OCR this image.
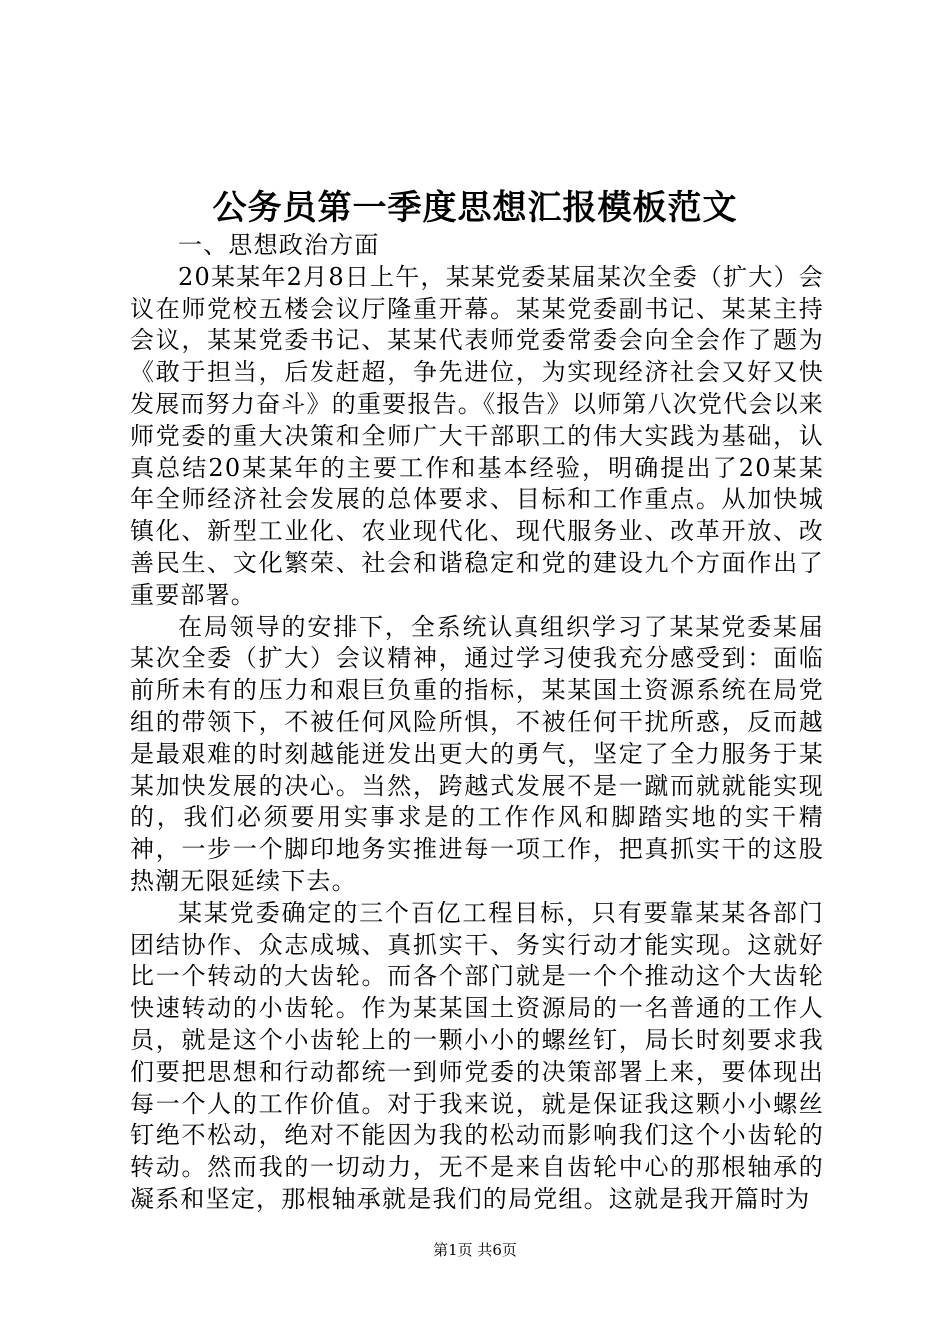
公务员第一季度思想汇报模板范文

一、思想政治方面

20某某年2月8日上午，某某党委某届某次全委（扩大）会议在师党校五楼会议厅隆重开幕。某某党委副书记、某某主持会议，某某党委书记、某某代表师党委常委会向全会作了题为《敢于担当，后发赶超，争先进位，为实现经济社会又好又快发展而努力奋斗》的重要报告。《报告》以师第八次党代会以来师党委的重大决策和全师广大干部职工的伟大实践为基础，认真总结20某某年的主要工作和基本经验，明确提出了20某某年全师经济社会发展的总体要求、目标和工作重点。从加快城镇化、新型工业化、农业现代化、现代服务业、改革开放、改善民生、文化繁荣、社会和谐稳定和党的建设九个方面作出了重要部署。

在局领导的安排下，全系统认真组织学习了某某党委某届某次全委（扩大）会议精神，通过学习使我充分感受到：面临前所未有的压力和艰巨负重的指标，某某国土资源系统在局党组的带领下，不被任何风险所惧，不被任何干扰所惑，反而越是最艰难的时刻越能迸发出更大的勇气，坚定了全力服务于某某加快发展的决心。当然，跨越式发展不是一蹴而就就能实现的，我们必须要用实事求是的工作作风和脚踏实地的实干精神，一步一个脚印地务实推进每一项工作，把真抓实干的这股热潮无限延续下去。

某某党委确定的三个百亿工程目标，只有要靠某某各部门团结协作、众志成城、真抓实干、务实行动才能实现。这就好比一个转动的大齿轮。而各个部门就是一个个推动这个大齿轮快速转动的小齿轮。作为某某国土资源局的一名普通的工作人员，就是这个小齿轮上的一颗小小的螺丝钉，局长时刻要求我们要把思想和行动都统一到师党委的决策部署上来，要体现出每一个人的工作价值。对于我来说，就是保证我这颗小小螺丝钉绝不松动，绝对不能因为我的松动而影响我们这个小齿轮的转动。然而我的一切动力，无不是来自齿轮中心的那根轴承的凝系和坚定，那根轴承就是我们的局党组。这就是我开篇时为

第1页 共6页
